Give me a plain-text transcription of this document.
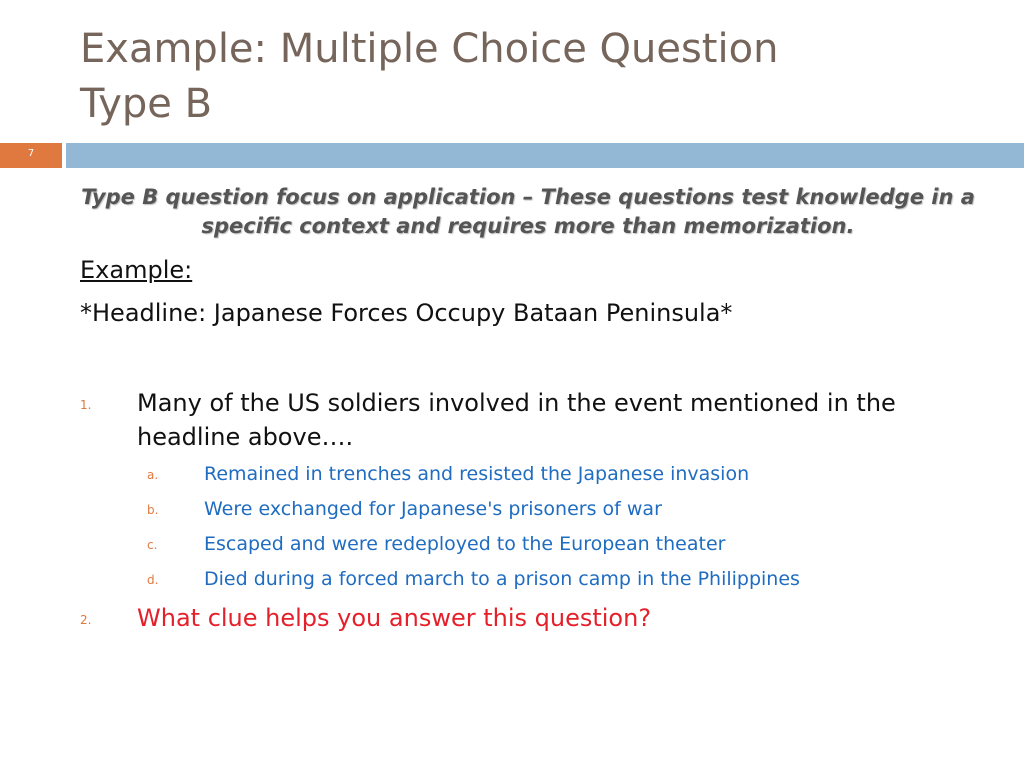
Example: Multiple Choice Question
Type B
7
Type B question focus on application – These questions test knowledge in a specific context and requires more than memorization.
Example:
*Headline: Japanese Forces Occupy Bataan Peninsula*
1. Many of the US soldiers involved in the event mentioned in the headline above….
a. Remained in trenches and resisted the Japanese invasion
b. Were exchanged for Japanese's prisoners of war
c. Escaped and were redeployed to the European theater
d. Died during a forced march to a prison camp in the Philippines
2. What clue helps you answer this question?
